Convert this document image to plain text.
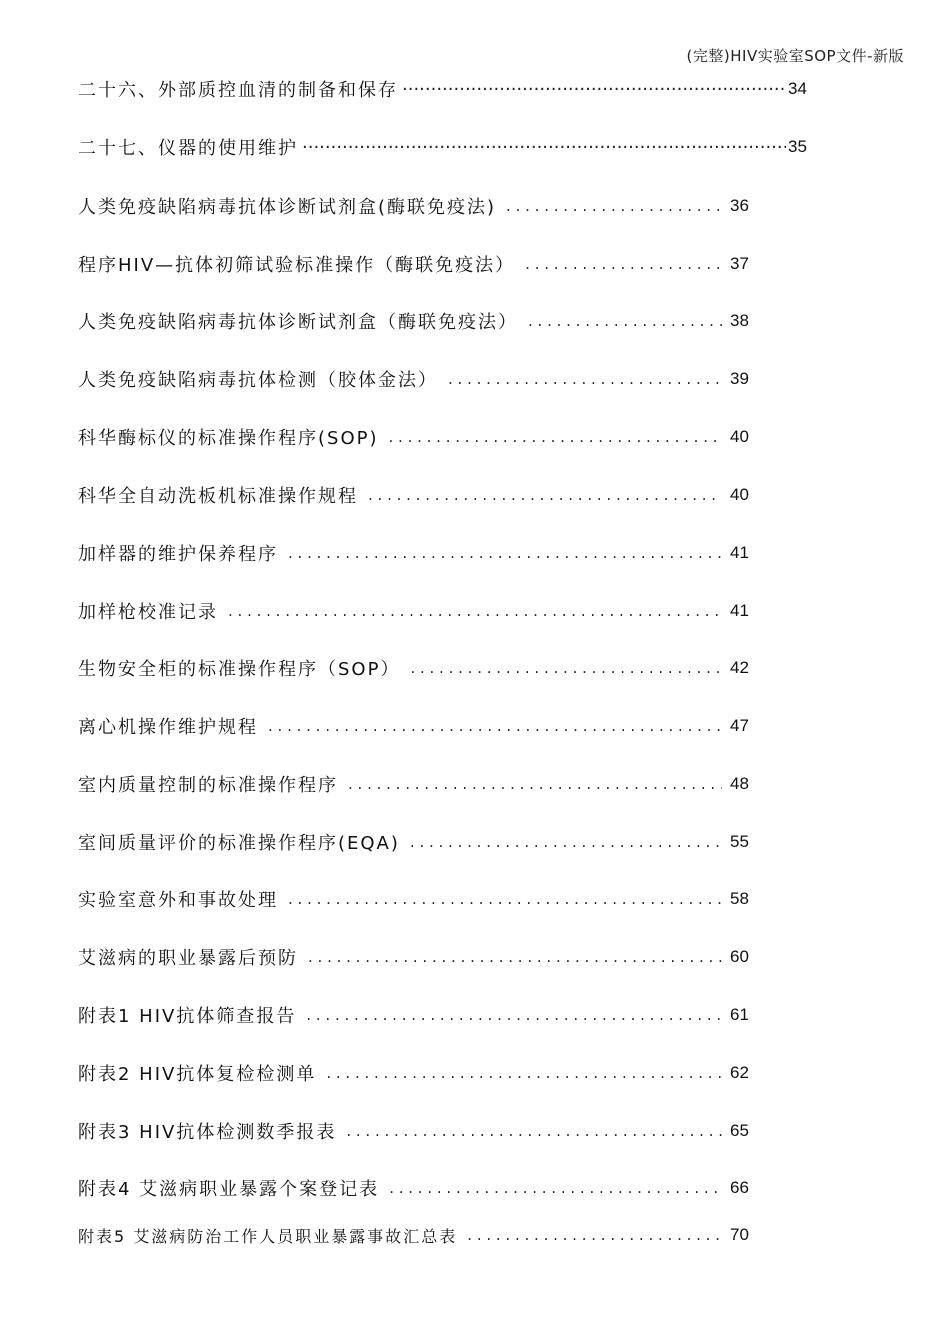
(完整)HIV实验室SOP文件-新版
二十六、外部质控血清的制备和保存 ·····	34
二十七、仪器的使用维护 ·····	35
人类免疫缺陷病毒抗体诊断试剂盒(酶联免疫法) . . .	36
程序HIV—抗体初筛试验标准操作（酶联免疫法） . . .	37
人类免疫缺陷病毒抗体诊断试剂盒（酶联免疫法） . . .	38
人类免疫缺陷病毒抗体检测（胶体金法） . . .	39
科华酶标仪的标准操作程序(SOP) . . .	40
科华全自动洗板机标准操作规程 . . .	40
加样器的维护保养程序 . . .	41
加样枪校准记录 . . .	41
生物安全柜的标准操作程序（SOP） . . .	42
离心机操作维护规程 . . .	47
室内质量控制的标准操作程序 . . .	48
室间质量评价的标准操作程序(EQA) . . .	55
实验室意外和事故处理 . . .	58
艾滋病的职业暴露后预防 . . .	60
附表1 HIV抗体筛查报告 . . .	61
附表2 HIV抗体复检检测单 . . .	62
附表3 HIV抗体检测数季报表 . . .	65
附表4 艾滋病职业暴露个案登记表 . . .	66
附表5 艾滋病防治工作人员职业暴露事故汇总表 . . .	70
